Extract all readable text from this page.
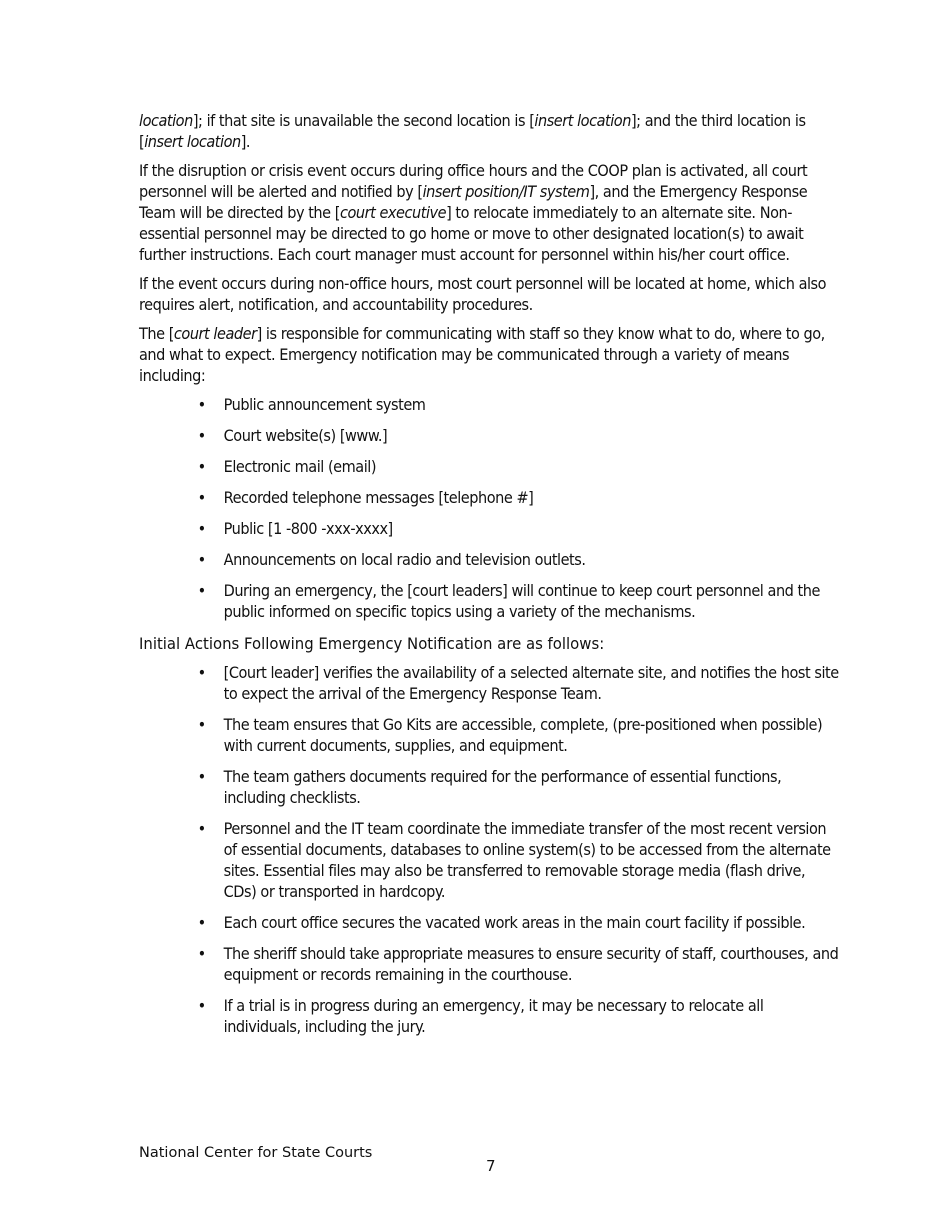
location]; if that site is unavailable the second location is [insert location]; and the third location is [insert location].

If the disruption or crisis event occurs during office hours and the COOP plan is activated, all court personnel will be alerted and notified by [insert position/IT system], and the Emergency Response Team will be directed by the [court executive] to relocate immediately to an alternate site. Non-essential personnel may be directed to go home or move to other designated location(s) to await further instructions. Each court manager must account for personnel within his/her court office.

If the event occurs during non-office hours, most court personnel will be located at home, which also requires alert, notification, and accountability procedures.

The [court leader] is responsible for communicating with staff so they know what to do, where to go, and what to expect. Emergency notification may be communicated through a variety of means including:

• Public announcement system
• Court website(s) [www.]
• Electronic mail (email)
• Recorded telephone messages [telephone #]
• Public [1 -800 -xxx-xxxx]
• Announcements on local radio and television outlets.
• During an emergency, the [court leaders] will continue to keep court personnel and the public informed on specific topics using a variety of the mechanisms.

Initial Actions Following Emergency Notification are as follows:

• [Court leader] verifies the availability of a selected alternate site, and notifies the host site to expect the arrival of the Emergency Response Team.
• The team ensures that Go Kits are accessible, complete, (pre-positioned when possible) with current documents, supplies, and equipment.
• The team gathers documents required for the performance of essential functions, including checklists.
• Personnel and the IT team coordinate the immediate transfer of the most recent version of essential documents, databases to online system(s) to be accessed from the alternate sites. Essential files may also be transferred to removable storage media (flash drive, CDs) or transported in hardcopy.
• Each court office secures the vacated work areas in the main court facility if possible.
• The sheriff should take appropriate measures to ensure security of staff, courthouses, and equipment or records remaining in the courthouse.
• If a trial is in progress during an emergency, it may be necessary to relocate all individuals, including the jury.
National Center for State Courts
7
